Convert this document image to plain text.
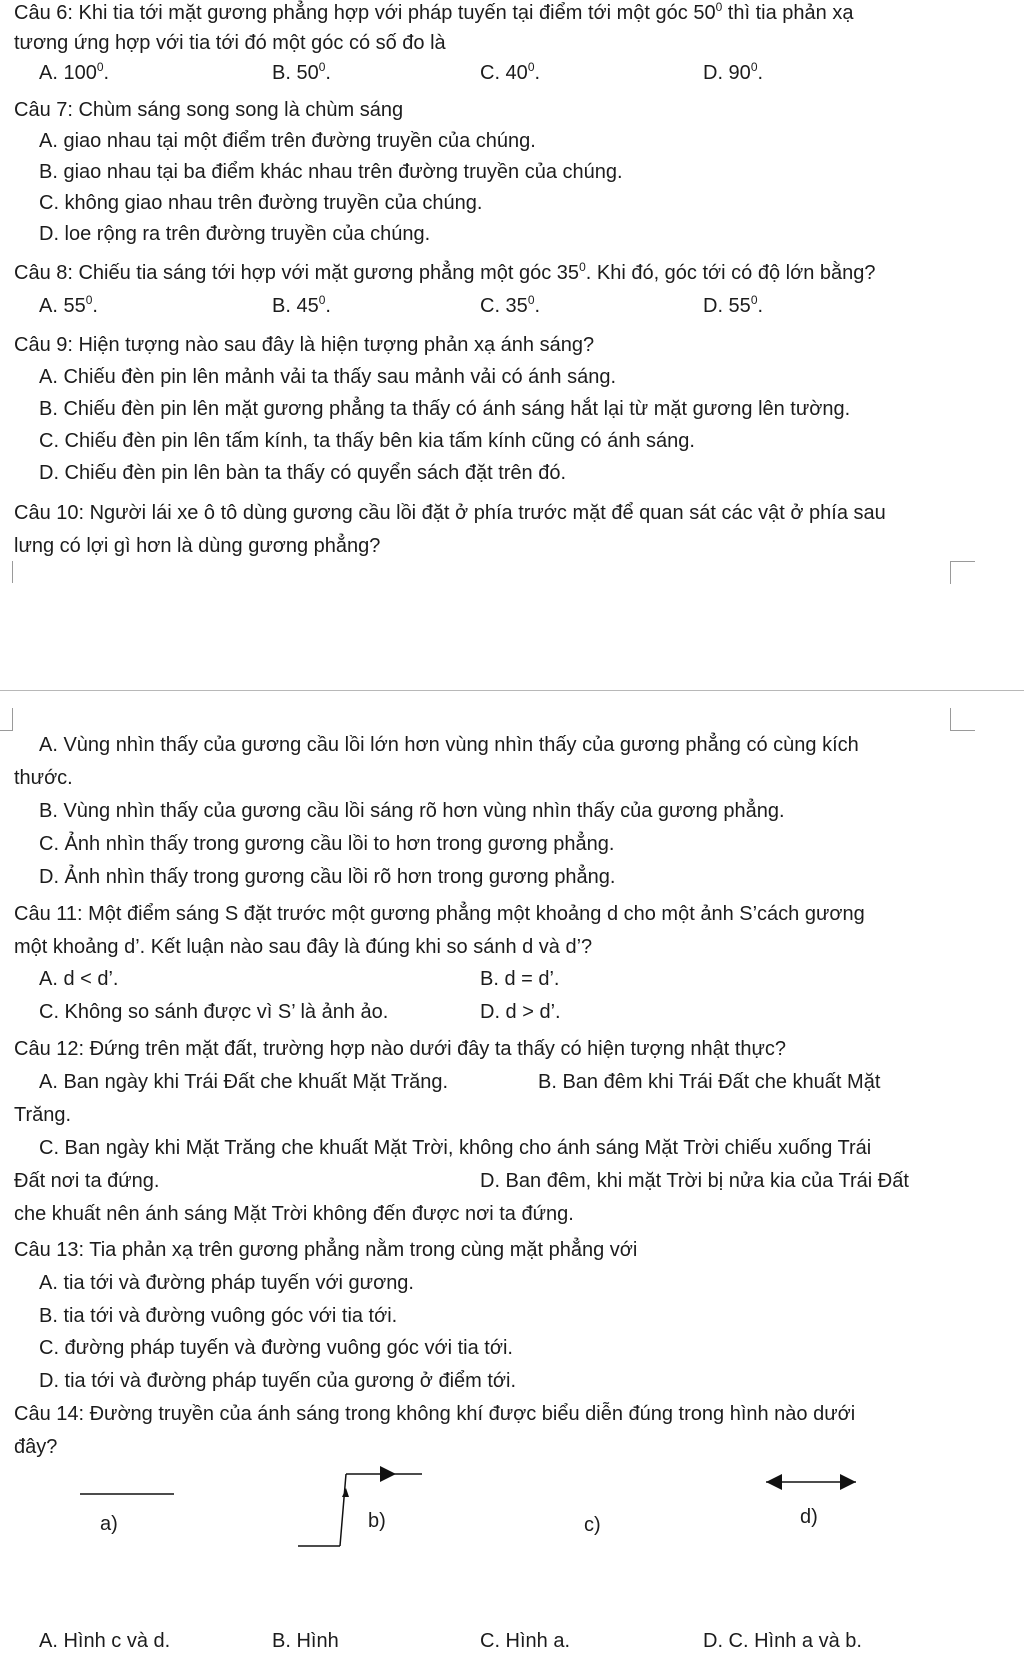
Câu 6: Khi tia tới mặt gương phẳng hợp với pháp tuyến tại điểm tới một góc $50^0$ thì tia phản xạ
tương ứng hợp với tia tới đó một góc có số đo là
A. $100^0$.	B. $50^0$.	C. $40^0$.	D. $90^0$.
Câu 7: Chùm sáng song song là chùm sáng
A. giao nhau tại một điểm trên đường truyền của chúng.
B. giao nhau tại ba điểm khác nhau trên đường truyền của chúng.
C. không giao nhau trên đường truyền của chúng.
D. loe rộng ra trên đường truyền của chúng.
Câu 8: Chiếu tia sáng tới hợp với mặt gương phẳng một góc $35^0$. Khi đó, góc tới có độ lớn bằng?
A. $55^0$.	B. $45^0$.	C. $35^0$.	D. $55^0$.
Câu 9: Hiện tượng nào sau đây là hiện tượng phản xạ ánh sáng?
A. Chiếu đèn pin lên mảnh vải ta thấy sau mảnh vải có ánh sáng.
B. Chiếu đèn pin lên mặt gương phẳng ta thấy có ánh sáng hắt lại từ mặt gương lên tường.
C. Chiếu đèn pin lên tấm kính, ta thấy bên kia tấm kính cũng có ánh sáng.
D. Chiếu đèn pin lên bàn ta thấy có quyển sách đặt trên đó.
Câu 10: Người lái xe ô tô dùng gương cầu lồi đặt ở phía trước mặt để quan sát các vật ở phía sau
lưng có lợi gì hơn là dùng gương phẳng?
A. Vùng nhìn thấy của gương cầu lồi lớn hơn vùng nhìn thấy của gương phẳng có cùng kích
thước.
B. Vùng nhìn thấy của gương cầu lồi sáng rõ hơn vùng nhìn thấy của gương phẳng.
C. Ảnh nhìn thấy trong gương cầu lồi to hơn trong gương phẳng.
D. Ảnh nhìn thấy trong gương cầu lồi rõ hơn trong gương phẳng.
Câu 11: Một điểm sáng S đặt trước một gương phẳng một khoảng d cho một ảnh S’cách gương
một khoảng d’. Kết luận nào sau đây là đúng khi so sánh d và d’?
A. d < d’.	B. d = d’.
C. Không so sánh được vì S’ là ảnh ảo.	D. d > d’.
Câu 12: Đứng trên mặt đất, trường hợp nào dưới đây ta thấy có hiện tượng nhật thực?
A. Ban ngày khi Trái Đất che khuất Mặt Trăng.	B. Ban đêm khi Trái Đất che khuất Mặt
Trăng.
C. Ban ngày khi Mặt Trăng che khuất Mặt Trời, không cho ánh sáng Mặt Trời chiếu xuống Trái
Đất nơi ta đứng.	D. Ban đêm, khi mặt Trời bị nửa kia của Trái Đất
che khuất nên ánh sáng Mặt Trời không đến được nơi ta đứng.
Câu 13: Tia phản xạ trên gương phẳng nằm trong cùng mặt phẳng với
A. tia tới và đường pháp tuyến với gương.
B. tia tới và đường vuông góc với tia tới.
C. đường pháp tuyến và đường vuông góc với tia tới.
D. tia tới và đường pháp tuyến của gương ở điểm tới.
Câu 14: Đường truyền của ánh sáng trong không khí được biểu diễn đúng trong hình nào dưới
đây?
a)	b)	c)	d)
A. Hình c và d.	B. Hình	C. Hình a.	D. C. Hình a và b.
